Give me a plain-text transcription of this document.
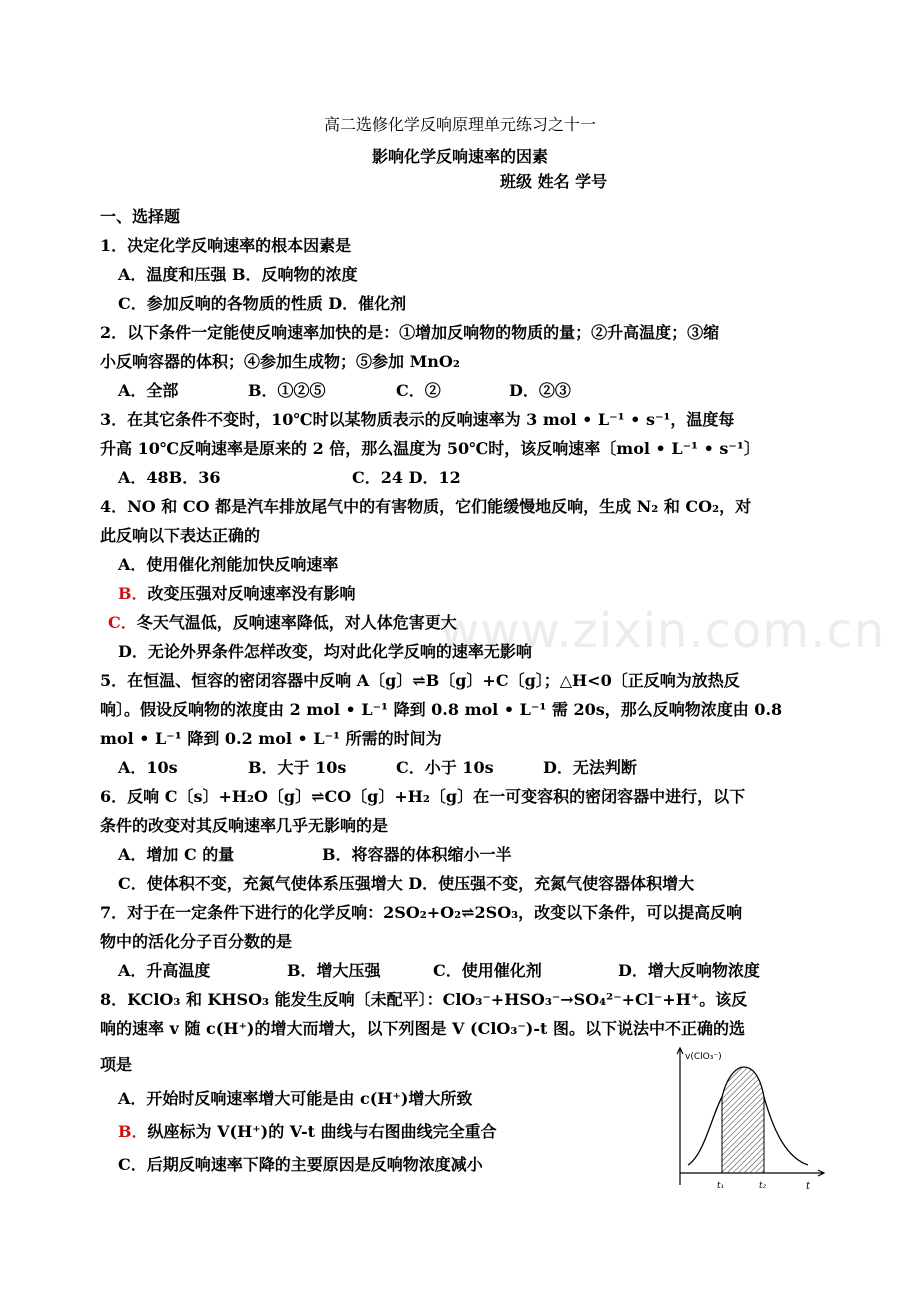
www.zixin.com.cn
高二选修化学反响原理单元练习之十一
影响化学反响速率的因素
班级 姓名 学号
一、选择题
1．决定化学反响速率的根本因素是
A．温度和压强 B．反响物的浓度
C．参加反响的各物质的性质 D．催化剂
2．以下条件一定能使反响速率加快的是：①增加反响物的物质的量；②升高温度；③缩
小反响容器的体积；④参加生成物；⑤参加 MnO₂
A．全部	B．①②⑤	C．②	D．②③
3．在其它条件不变时，10℃时以某物质表示的反响速率为 3 mol • L⁻¹ • s⁻¹，温度每
升高 10℃反响速率是原来的 2 倍，那么温度为 50℃时，该反响速率〔mol • L⁻¹ • s⁻¹〕
A．48B．36	C．24 D．12
4．NO 和 CO 都是汽车排放尾气中的有害物质，它们能缓慢地反响，生成 N₂ 和 CO₂，对
此反响以下表达正确的
A．使用催化剂能加快反响速率
B．改变压强对反响速率没有影响
C．冬天气温低，反响速率降低，对人体危害更大
D．无论外界条件怎样改变，均对此化学反响的速率无影响
5．在恒温、恒容的密闭容器中反响 A〔g〕⇌B〔g〕+C〔g〕；△H<0〔正反响为放热反
响〕。假设反响物的浓度由 2 mol • L⁻¹ 降到 0.8 mol • L⁻¹ 需 20s，那么反响物浓度由 0.8
mol • L⁻¹ 降到 0.2 mol • L⁻¹ 所需的时间为
A．10s	B．大于 10s	C．小于 10s	D．无法判断
6．反响 C〔s〕+H₂O〔g〕⇌CO〔g〕+H₂〔g〕在一可变容积的密闭容器中进行，以下
条件的改变对其反响速率几乎无影响的是
A．增加 C 的量	B．将容器的体积缩小一半
C．使体积不变，充氮气使体系压强增大 D．使压强不变，充氮气使容器体积增大
7．对于在一定条件下进行的化学反响：2SO₂+O₂⇌2SO₃，改变以下条件，可以提高反响
物中的活化分子百分数的是
A．升高温度	B．增大压强	C．使用催化剂	D．增大反响物浓度
8．KClO₃ 和 KHSO₃ 能发生反响〔未配平〕：ClO₃⁻+HSO₃⁻→SO₄²⁻+Cl⁻+H⁺。该反
响的速率 v 随 c(H⁺)的增大而增大，以下列图是 V (ClO₃⁻)-t 图。以下说法中不正确的选
项是
A．开始时反响速率增大可能是由 c(H⁺)增大所致
B．纵座标为 V(H⁺)的 V-t 曲线与右图曲线完全重合
C．后期反响速率下降的主要原因是反响物浓度减小
v(ClO₃⁻)
t
t₁	t₂
